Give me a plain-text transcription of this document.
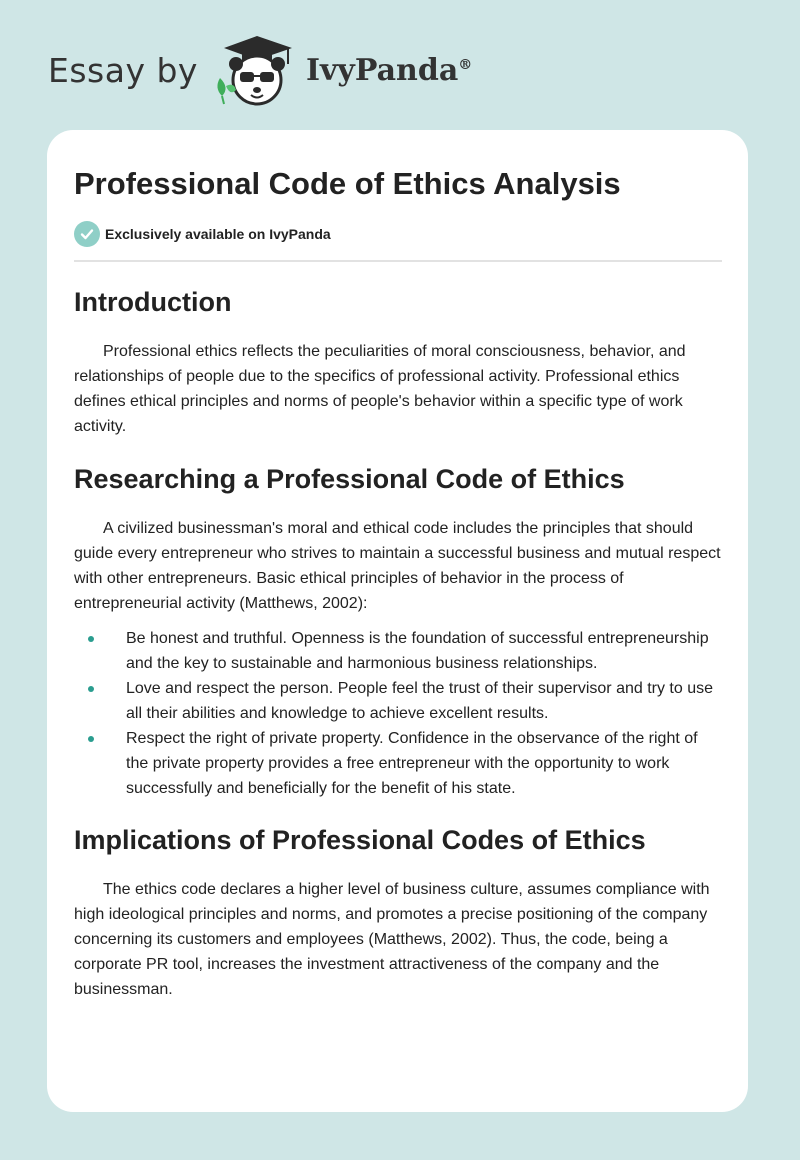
Essay by	IvyPanda®
Professional Code of Ethics Analysis
Exclusively available on IvyPanda
Introduction

Professional ethics reflects the peculiarities of moral consciousness, behavior, and relationships of people due to the specifics of professional activity. Professional ethics defines ethical principles and norms of people's behavior within a specific type of work activity.

Researching a Professional Code of Ethics

A civilized businessman's moral and ethical code includes the principles that should guide every entrepreneur who strives to maintain a successful business and mutual respect with other entrepreneurs. Basic ethical principles of behavior in the process of entrepreneurial activity (Matthews, 2002):

Be honest and truthful. Openness is the foundation of successful entrepreneurship and the key to sustainable and harmonious business relationships.
Love and respect the person. People feel the trust of their supervisor and try to use all their abilities and knowledge to achieve excellent results.
Respect the right of private property. Confidence in the observance of the right of the private property provides a free entrepreneur with the opportunity to work successfully and beneficially for the benefit of his state.
Implications of Professional Codes of Ethics

The ethics code declares a higher level of business culture, assumes compliance with high ideological principles and norms, and promotes a precise positioning of the company concerning its customers and employees (Matthews, 2002). Thus, the code, being a corporate PR tool, increases the investment attractiveness of the company and the businessman.
